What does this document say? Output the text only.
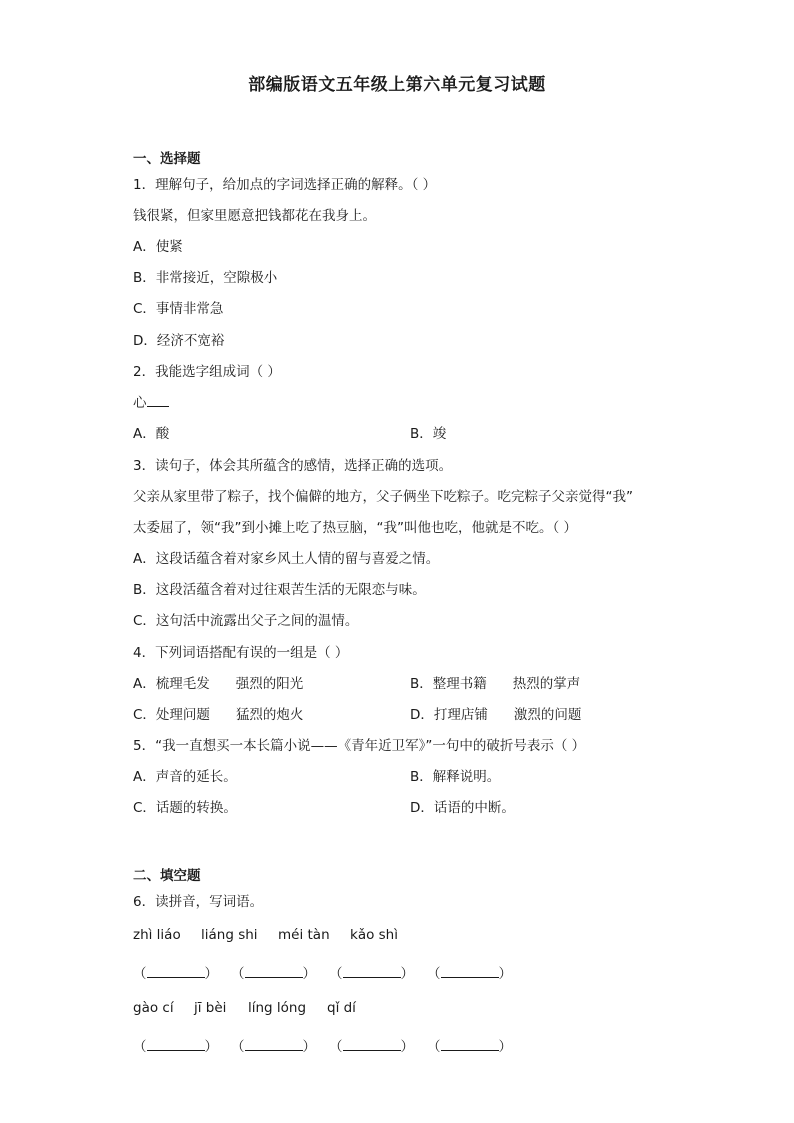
部编版语文五年级上第六单元复习试题
一、选择题
1．理解句子，给加点的字词选择正确的解释。（ ）
钱很紧，但家里愿意把钱都花在我身上。
A．使紧
B．非常接近，空隙极小
C．事情非常急
D．经济不宽裕
2．我能选字组成词（ ）
心
A．酸	B．竣
3．读句子，体会其所蕴含的感情，选择正确的选项。
父亲从家里带了粽子，找个偏僻的地方，父子俩坐下吃粽子。吃完粽子父亲觉得“我”
太委屈了，领“我”到小摊上吃了热豆脑，“我”叫他也吃，他就是不吃。（ ）
A．这段话蕴含着对家乡风土人情的留与喜爱之情。
B．这段活蕴含着对过往艰苦生活的无限恋与味。
C．这句活中流露出父子之间的温情。
4．下列词语搭配有误的一组是（ ）
A．梳理毛发 强烈的阳光	B．整理书籍 热烈的掌声
C．处理问题 猛烈的炮火	D．打理店铺 激烈的问题
5．“我一直想买一本长篇小说——《青年近卫军》”一句中的破折号表示（ ）
A．声音的延长。	B．解释说明。
C．话题的转换。	D．话语的中断。
二、填空题
6．读拼音，写词语。
zhì liáo liáng shi méi tàn kǎo shì
（	） （	） （	） （	）
gào cí jī bèi líng lóng qǐ dí
（	） （	） （	） （	）
